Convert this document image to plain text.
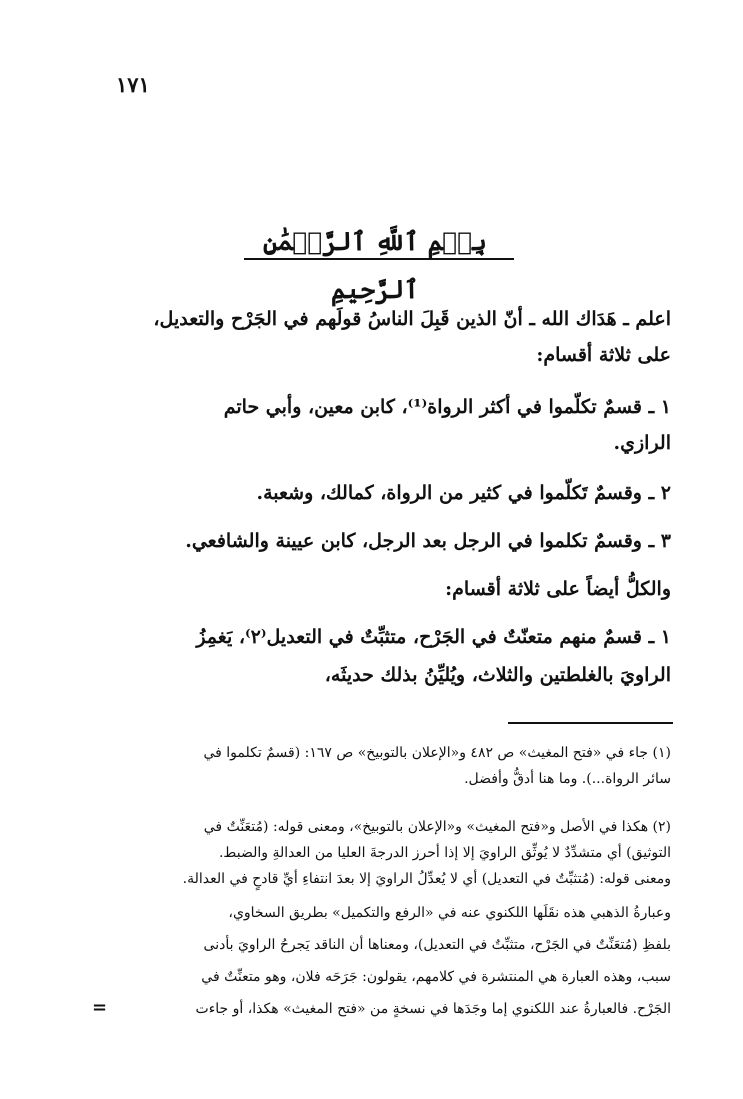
١٧١
بِسۡمِ ٱللَّهِ ٱلرَّحۡمَٰنِ ٱلرَّحِيمِ
اعلم ـ هَدَاك الله ـ أنّ الذين قَبِلَ الناسُ قولَهم في الجَرْح والتعديل،
على ثلاثة أقسام:
١ ـ قسمٌ تكلّموا في أكثر الرواة⁽¹⁾، كابن معين، وأبي حاتم
الرازي.
٢ ـ وقسمٌ تَكلّموا في كثير من الرواة، كمالك، وشعبة.
٣ ـ وقسمٌ تكلموا في الرجل بعد الرجل، كابن عيينة والشافعي.
والكلُّ أيضاً على ثلاثة أقسام:
١ ـ قسمٌ منهم متعنّتٌ في الجَرْح، متثبِّتٌ في التعديل⁽٢⁾، يَغمِزُ
الراويَ بالغلطتين والثلاث، ويُليِّنُ بذلك حديثَه،
(١) جاء في «فتح المغيث» ص ٤٨٢ و«الإعلان بالتوبيخ» ص ١٦٧: (قسمٌ تكلموا في
سائر الرواة...). وما هنا أدقُّ وأفضل.
(٢) هكذا في الأصل و«فتح المغيث» و«الإعلان بالتوبيخ»، ومعنى قوله: (مُتعَنِّتٌ في
التوثيق) أي متشدِّدٌ لا يُوثِّق الراويَ إلا إذا أحرز الدرجةَ العليا من العدالةِ والضبط.
ومعنى قوله: (مُتثبِّتٌ في التعديل) أي لا يُعدِّلُ الراويَ إلا بعدَ انتفاءِ أيِّ قادحٍ في العدالة.
وعبارةُ الذهبي هذه نقَلَها اللكنوي عنه في «الرفع والتكميل» بطريق السخاوي،
بلفظِ (مُتعَنِّتٌ في الجَرْح، متثبِّتٌ في التعديل)، ومعناها أن الناقد يَجرحُ الراويَ بأدنى
سبب، وهذه العبارة هي المنتشرة في كلامهم، يقولون: جَرَحَه فلان، وهو متعنِّتٌ في
الجَرْح. فالعبارةُ عند اللكنوي إما وجَدَها في نسخةٍ من «فتح المغيث» هكذا، أو جاءت
=
